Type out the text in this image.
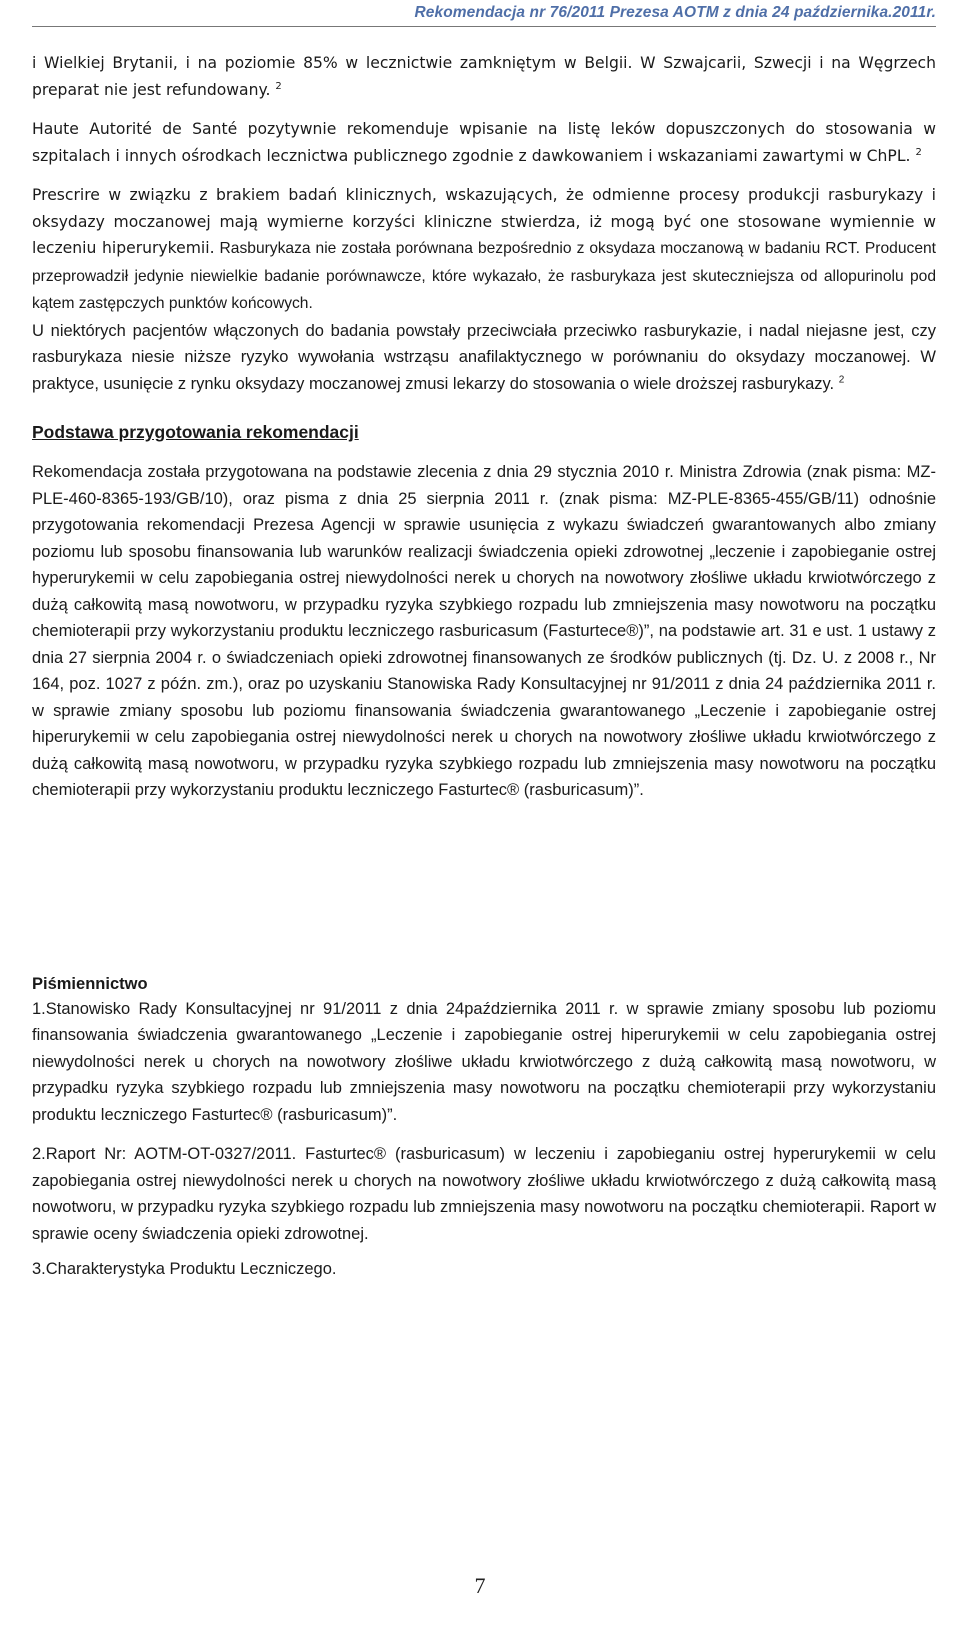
Rekomendacja nr 76/2011 Prezesa AOTM z dnia 24 października.2011r.

i Wielkiej Brytanii, i na poziomie 85% w lecznictwie zamkniętym w Belgii. W Szwajcarii, Szwecji i na Węgrzech preparat nie jest refundowany. $^2$

Haute Autorité de Santé pozytywnie rekomenduje wpisanie na listę leków dopuszczonych do stosowania w szpitalach i innych ośrodkach lecznictwa publicznego zgodnie z dawkowaniem i wskazaniami zawartymi w ChPL. $^2$

Prescrire w związku z brakiem badań klinicznych, wskazujących, że odmienne procesy produkcji rasburykazy i oksydazy moczanowej mają wymierne korzyści kliniczne stwierdza, iż mogą być one stosowane wymiennie w leczeniu hiperurykemii. Rasburykaza nie została porównana bezpośrednio z oksydaza moczanową w badaniu RCT. Producent przeprowadził jedynie niewielkie badanie porównawcze, które wykazało, że rasburykaza jest skuteczniejsza od allopurinolu pod kątem zastępczych punktów końcowych.

U niektórych pacjentów włączonych do badania powstały przeciwciała przeciwko rasburykazie, i nadal niejasne jest, czy rasburykaza niesie niższe ryzyko wywołania wstrząsu anafilaktycznego w porównaniu do oksydazy moczanowej. W praktyce, usunięcie z rynku oksydazy moczanowej zmusi lekarzy do stosowania o wiele droższej rasburykazy. $^2$

Podstawa przygotowania rekomendacji

Rekomendacja została przygotowana na podstawie zlecenia z dnia 29 stycznia 2010 r. Ministra Zdrowia (znak pisma: MZ-PLE-460-8365-193/GB/10), oraz pisma z dnia 25 sierpnia 2011 r. (znak pisma: MZ-PLE-8365-455/GB/11) odnośnie przygotowania rekomendacji Prezesa Agencji w sprawie usunięcia z wykazu świadczeń gwarantowanych albo zmiany poziomu lub sposobu finansowania lub warunków realizacji świadczenia opieki zdrowotnej „leczenie i zapobieganie ostrej hyperurykemii w celu zapobiegania ostrej niewydolności nerek u chorych na nowotwory złośliwe układu krwiotwórczego z dużą całkowitą masą nowotworu, w przypadku ryzyka szybkiego rozpadu lub zmniejszenia masy nowotworu na początku chemioterapii przy wykorzystaniu produktu leczniczego rasburicasum (Fasturtece®)”, na podstawie art. 31 e ust. 1 ustawy z dnia 27 sierpnia 2004 r. o świadczeniach opieki zdrowotnej finansowanych ze środków publicznych (tj. Dz. U. z 2008 r., Nr 164, poz. 1027 z późn. zm.), oraz po uzyskaniu Stanowiska Rady Konsultacyjnej nr 91/2011 z dnia 24 października 2011 r. w sprawie zmiany sposobu lub poziomu finansowania świadczenia gwarantowanego „Leczenie i zapobieganie ostrej hiperurykemii w celu zapobiegania ostrej niewydolności nerek u chorych na nowotwory złośliwe układu krwiotwórczego z dużą całkowitą masą nowotworu, w przypadku ryzyka szybkiego rozpadu lub zmniejszenia masy nowotworu na początku chemioterapii przy wykorzystaniu produktu leczniczego Fasturtec® (rasburicasum)”.

Piśmiennictwo

1.Stanowisko Rady Konsultacyjnej nr 91/2011 z dnia 24października 2011 r. w sprawie zmiany sposobu lub poziomu finansowania świadczenia gwarantowanego „Leczenie i zapobieganie ostrej hiperurykemii w celu zapobiegania ostrej niewydolności nerek u chorych na nowotwory złośliwe układu krwiotwórczego z dużą całkowitą masą nowotworu, w przypadku ryzyka szybkiego rozpadu lub zmniejszenia masy nowotworu na początku chemioterapii przy wykorzystaniu produktu leczniczego Fasturtec® (rasburicasum)”.

2.Raport Nr: AOTM-OT-0327/2011. Fasturtec® (rasburicasum) w leczeniu i zapobieganiu ostrej hyperurykemii w celu zapobiegania ostrej niewydolności nerek u chorych na nowotwory złośliwe układu krwiotwórczego z dużą całkowitą masą nowotworu, w przypadku ryzyka szybkiego rozpadu lub zmniejszenia masy nowotworu na początku chemioterapii. Raport w sprawie oceny świadczenia opieki zdrowotnej.

3.Charakterystyka Produktu Leczniczego.

7
